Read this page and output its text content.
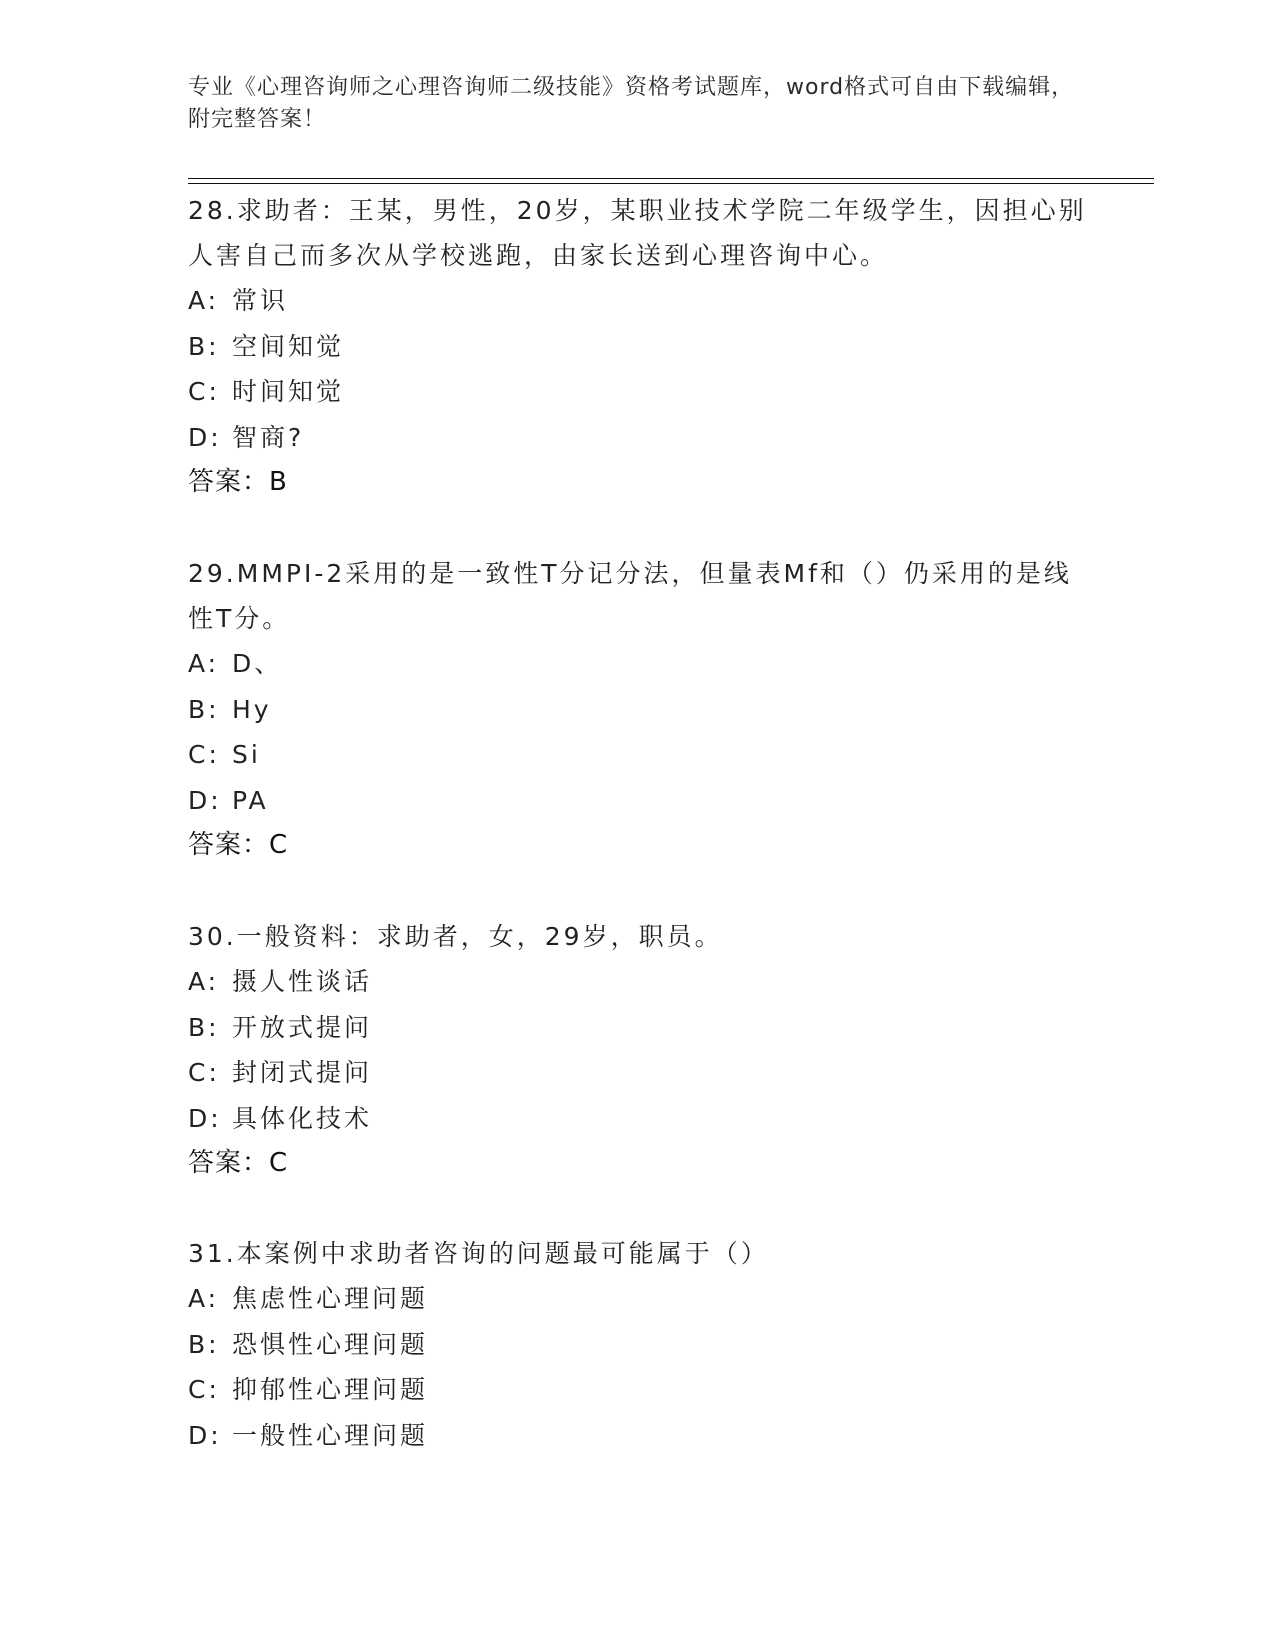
专业《心理咨询师之心理咨询师二级技能》资格考试题库，word格式可自由下载编辑，附完整答案！

28.求助者：王某，男性，20岁，某职业技术学院二年级学生，因担心别人害自己而多次从学校逃跑，由家长送到心理咨询中心。

A: 常识

B: 空间知觉

C: 时间知觉

D: 智商?

答案：B

29.MMPI-2采用的是一致性T分记分法，但量表Mf和（）仍采用的是线性T分。

A: D、

B: Hy

C: Si

D: PA

答案：C

30.一般资料：求助者，女，29岁，职员。

A: 摄人性谈话

B: 开放式提问

C: 封闭式提问

D: 具体化技术

答案：C

31.本案例中求助者咨询的问题最可能属于（）

A: 焦虑性心理问题

B: 恐惧性心理问题

C: 抑郁性心理问题

D: 一般性心理问题
